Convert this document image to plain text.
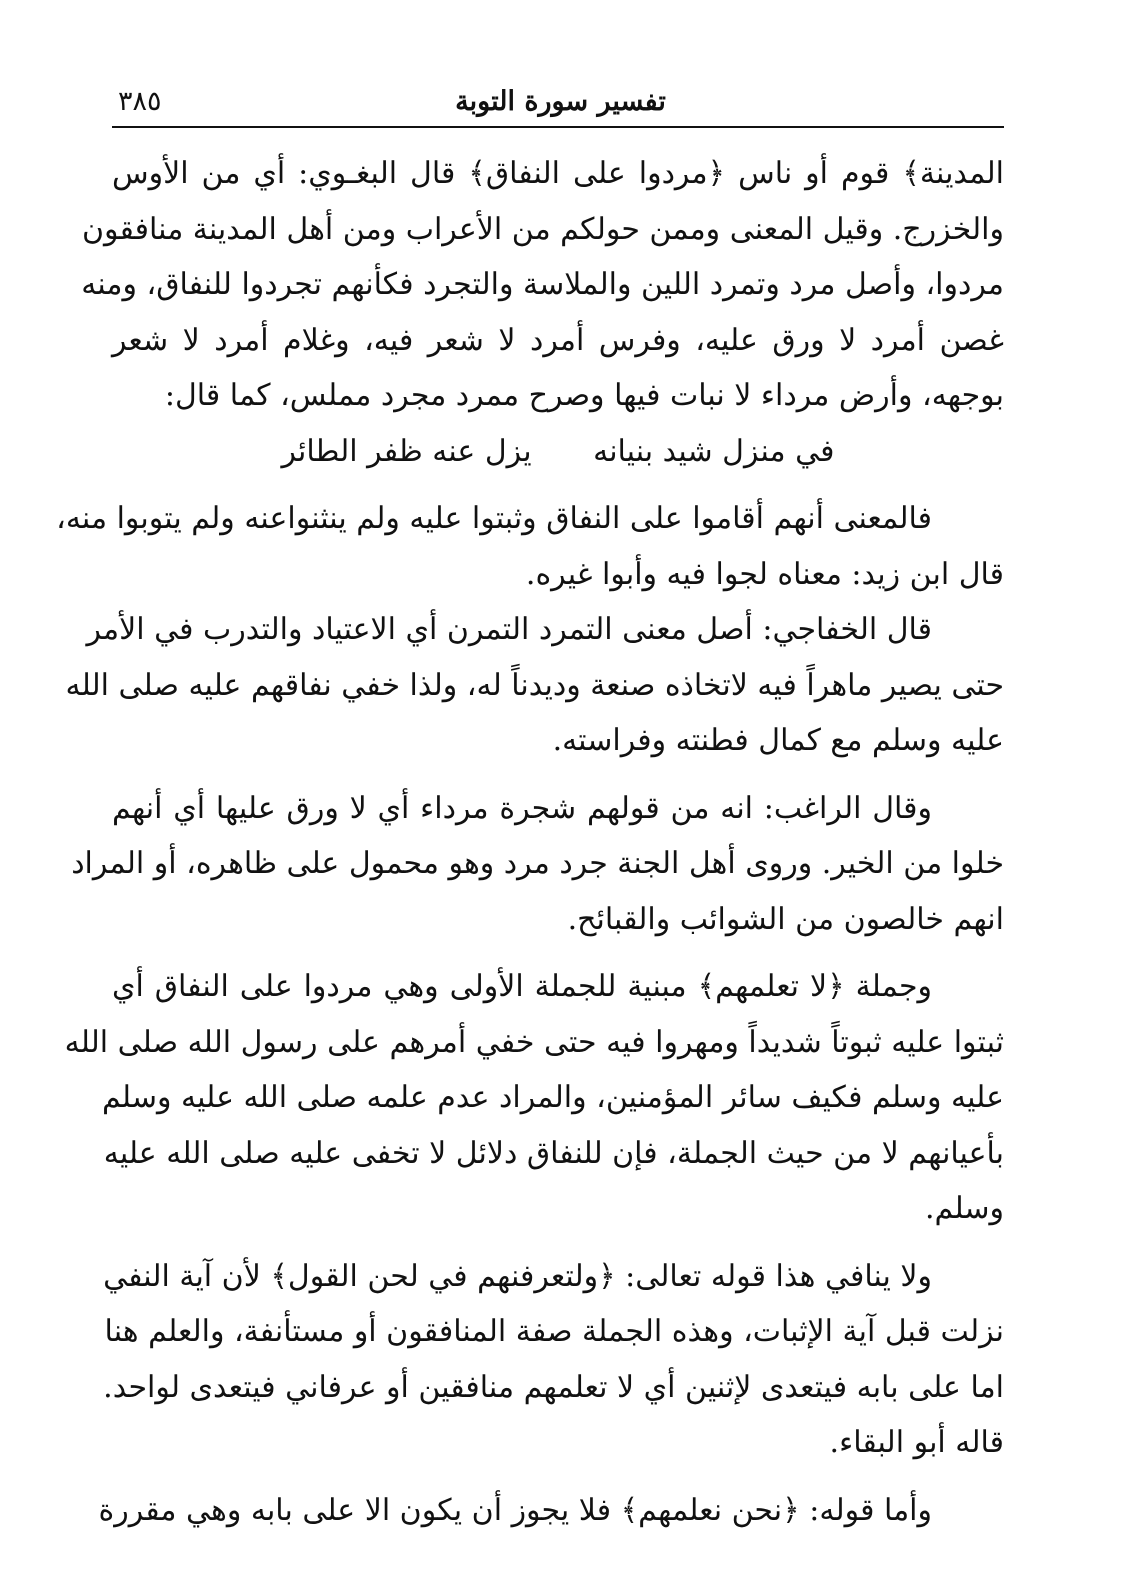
٣٨٥	تفسير سورة التوبة

المدينة﴾ قوم أو ناس ﴿مردوا على النفاق﴾ قال البغـوي: أي من الأوس
والخزرج. وقيل المعنى وممن حولكم من الأعراب ومن أهل المدينة منافقون
مردوا، وأصل مرد وتمرد اللين والملاسة والتجرد فكأنهم تجردوا للنفاق، ومنه
غصن أمرد لا ورق عليه، وفرس أمرد لا شعر فيه، وغلام أمرد لا شعر
بوجهه، وأرض مرداء لا نبات فيها وصرح ممرد مجرد مملس، كما قال:

في منزل شيد بنيانه يزل عنه ظفر الطائر

فالمعنى أنهم أقاموا على النفاق وثبتوا عليه ولم ينثنواعنه ولم يتوبوا منه،
قال ابن زيد: معناه لجوا فيه وأبوا غيره.

قال الخفاجي: أصل معنى التمرد التمرن أي الاعتياد والتدرب في الأمر
حتى يصير ماهراً فيه لاتخاذه صنعة وديدناً له، ولذا خفي نفاقهم عليه صلى الله
عليه وسلم مع كمال فطنته وفراسته.

وقال الراغب: انه من قولهم شجرة مرداء أي لا ورق عليها أي أنهم
خلوا من الخير. وروى أهل الجنة جرد مرد وهو محمول على ظاهره، أو المراد
انهم خالصون من الشوائب والقبائح.

وجملة ﴿لا تعلمهم﴾ مبنية للجملة الأولى وهي مردوا على النفاق أي
ثبتوا عليه ثبوتاً شديداً ومهروا فيه حتى خفي أمرهم على رسول الله صلى الله
عليه وسلم فكيف سائر المؤمنين، والمراد عدم علمه صلى الله عليه وسلم
بأعيانهم لا من حيث الجملة، فإن للنفاق دلائل لا تخفى عليه صلى الله عليه
وسلم.

ولا ينافي هذا قوله تعالى: ﴿ولتعرفنهم في لحن القول﴾ لأن آية النفي
نزلت قبل آية الإثبات، وهذه الجملة صفة المنافقون أو مستأنفة، والعلم هنا
اما على بابه فيتعدى لإثنين أي لا تعلمهم منافقين أو عرفاني فيتعدى لواحد.
قاله أبو البقاء.

وأما قوله: ﴿نحن نعلمهم﴾ فلا يجوز أن يكون الا على بابه وهي مقررة
